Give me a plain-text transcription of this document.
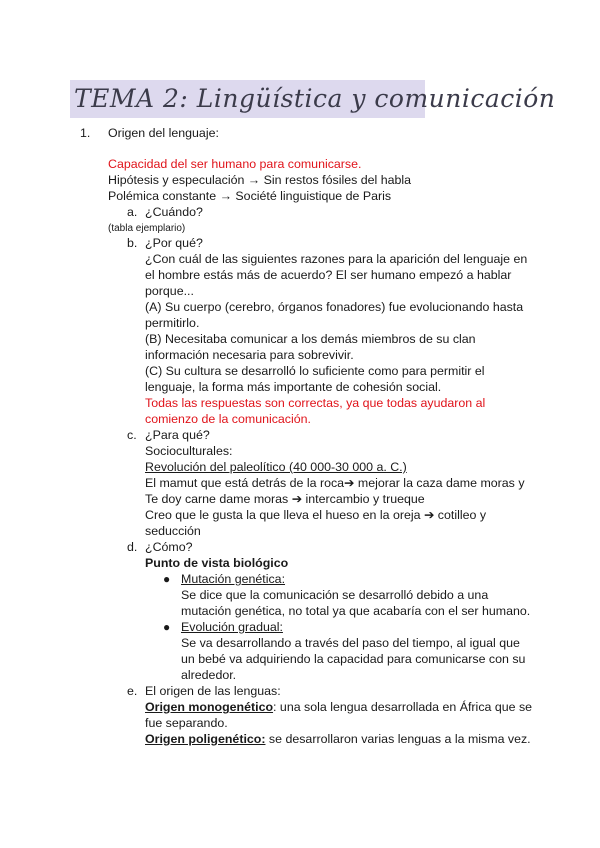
TEMA 2: Lingüística y comunicación
1. Origen del lenguaje:
Capacidad del ser humano para comunicarse.
Hipótesis y especulación → Sin restos fósiles del habla
Polémica constante → Société linguistique de Paris
a. ¿Cuándo?
(tabla ejemplario)
b. ¿Por qué?
¿Con cuál de las siguientes razones para la aparición del lenguaje en
el hombre estás más de acuerdo? El ser humano empezó a hablar
porque...
(A) Su cuerpo (cerebro, órganos fonadores) fue evolucionando hasta
permitirlo.
(B) Necesitaba comunicar a los demás miembros de su clan
información necesaria para sobrevivir.
(C) Su cultura se desarrolló lo suficiente como para permitir el
lenguaje, la forma más importante de cohesión social.
Todas las respuestas son correctas, ya que todas ayudaron al
comienzo de la comunicación.
c. ¿Para qué?
Socioculturales:
Revolución del paleolítico (40 000-30 000 a. C.)
El mamut que está detrás de la roca➔ mejorar la caza dame moras y
Te doy carne dame moras ➔ intercambio y trueque
Creo que le gusta la que lleva el hueso en la oreja ➔ cotilleo y
seducción
d. ¿Cómo?
Punto de vista biológico
● Mutación genética:
Se dice que la comunicación se desarrolló debido a una
mutación genética, no total ya que acabaría con el ser humano.
● Evolución gradual:
Se va desarrollando a través del paso del tiempo, al igual que
un bebé va adquiriendo la capacidad para comunicarse con su
alrededor.
e. El origen de las lenguas:
Origen monogenético: una sola lengua desarrollada en África que se
fue separando.
Origen poligenético: se desarrollaron varias lenguas a la misma vez.
